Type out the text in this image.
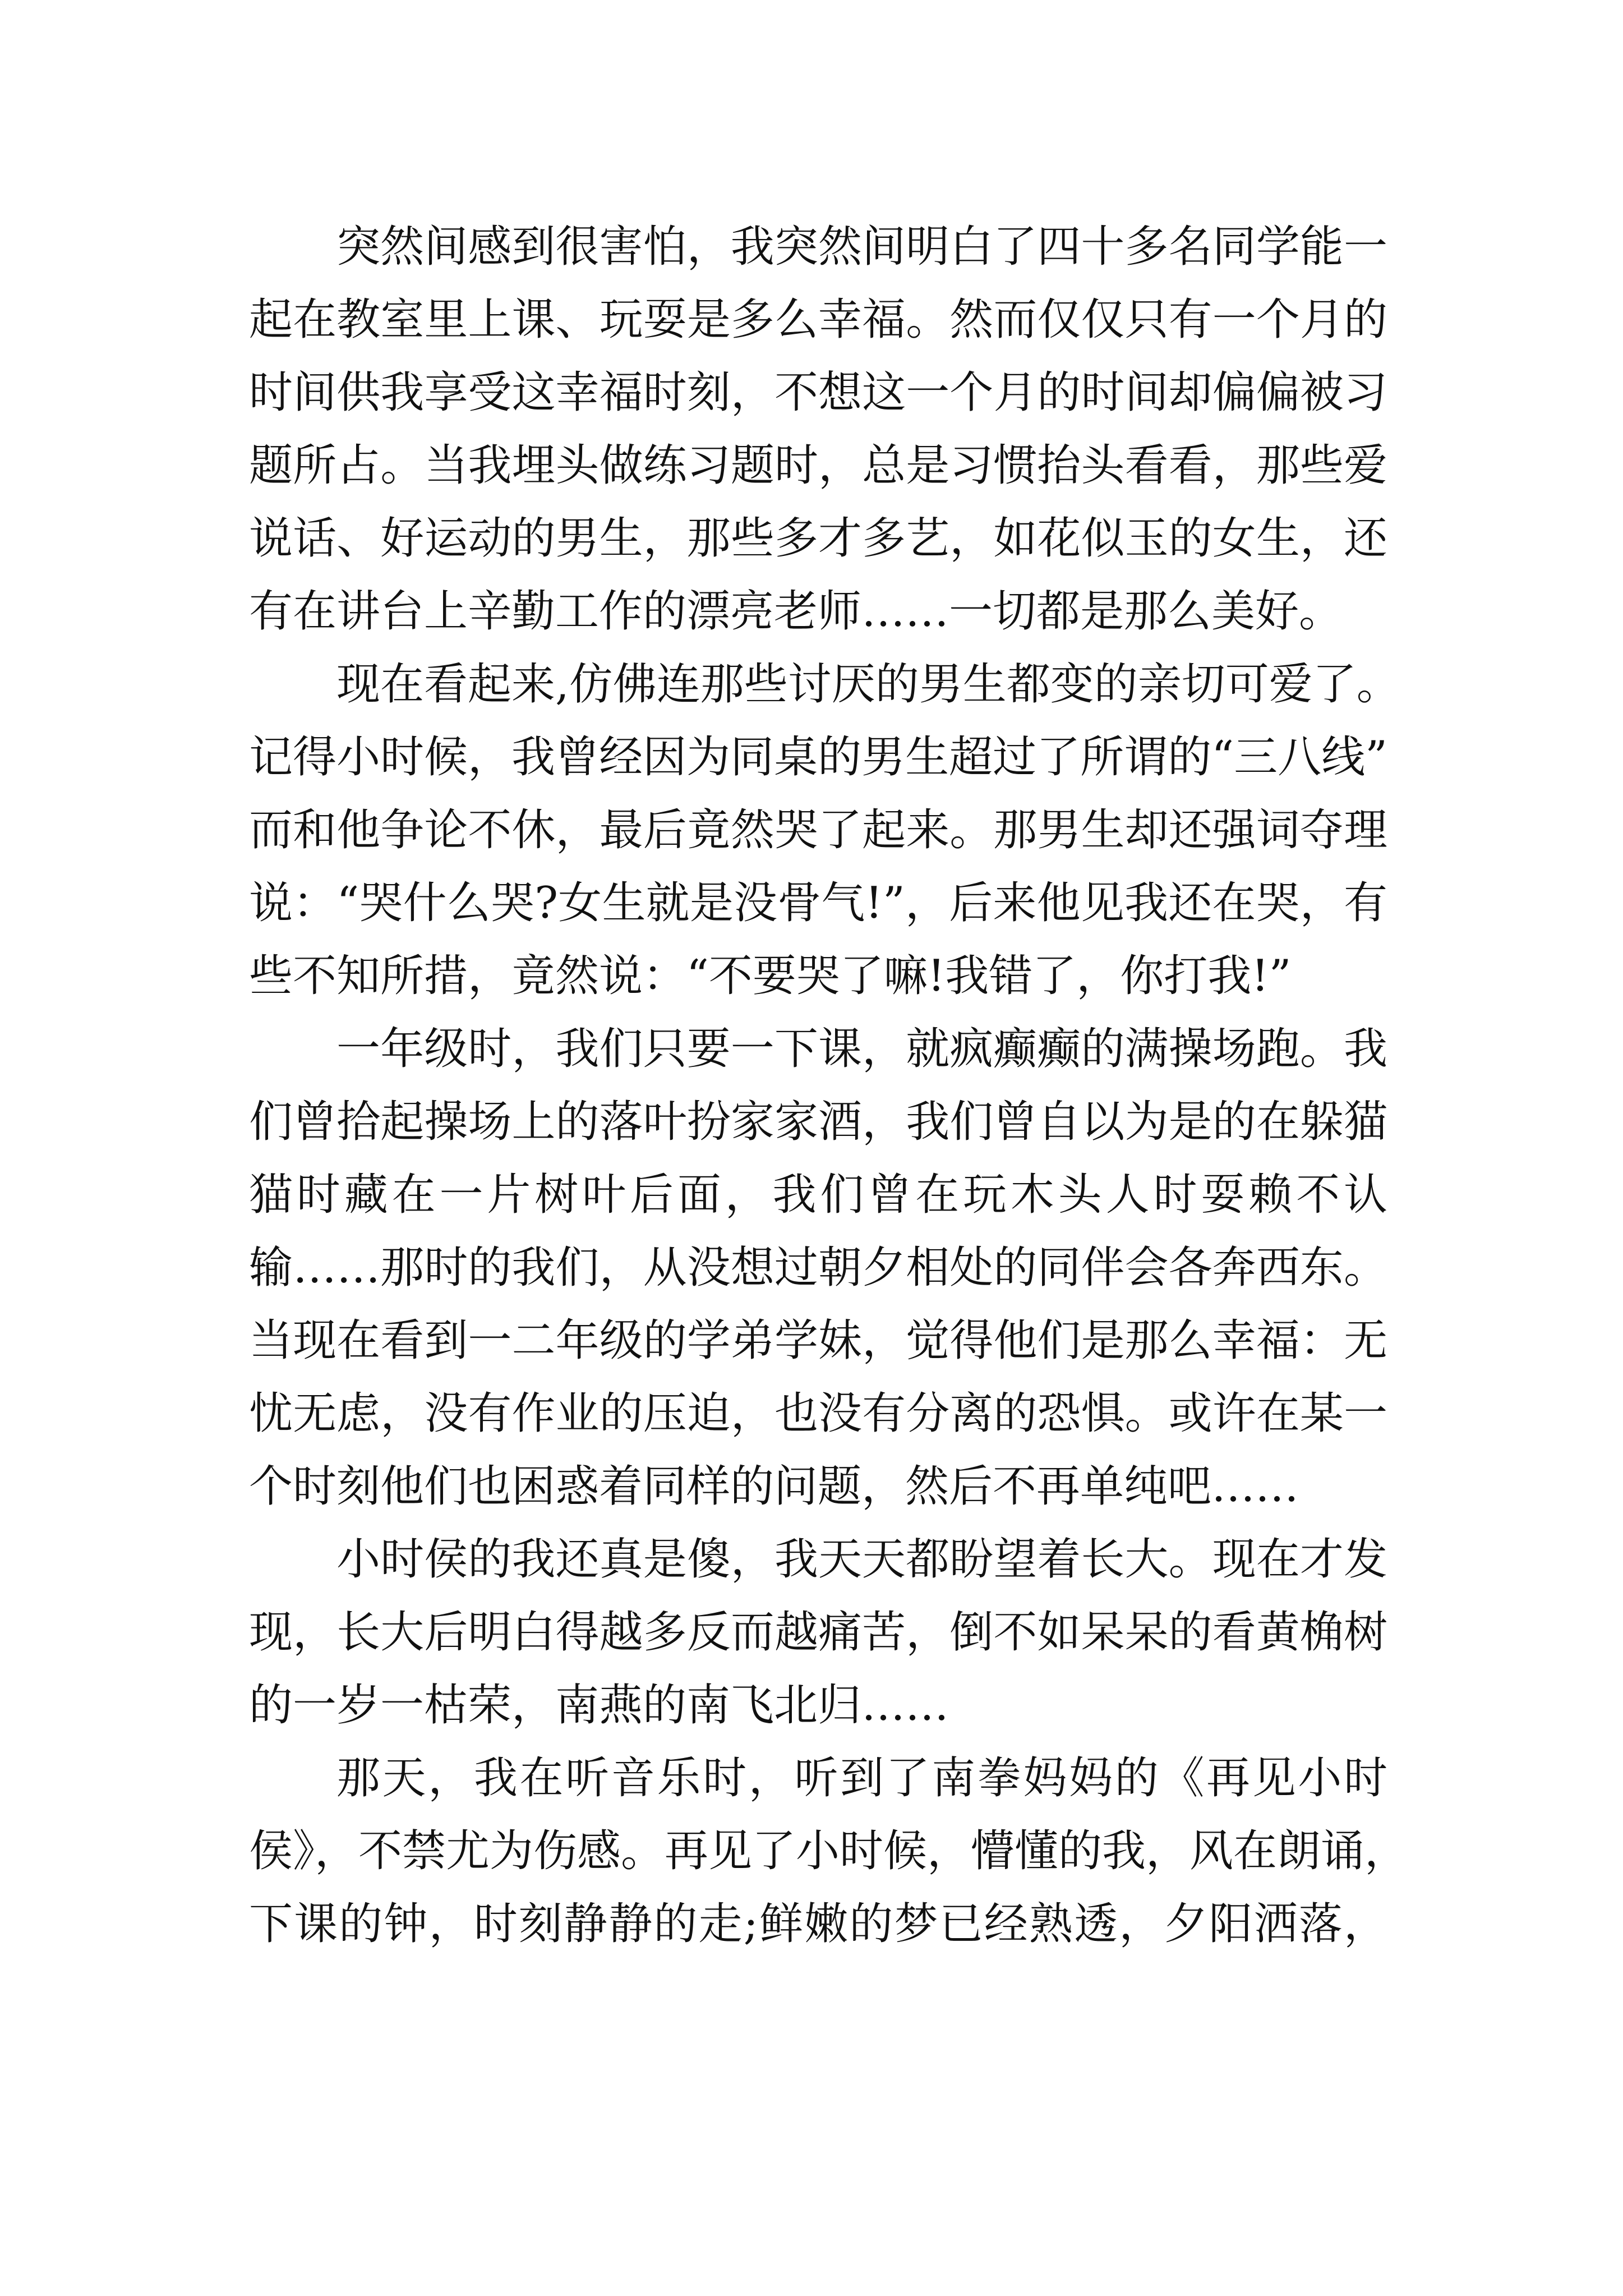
突然间感到很害怕，我突然间明白了四十多名同学能一
起在教室里上课、玩耍是多么幸福。然而仅仅只有一个月的
时间供我享受这幸福时刻，不想这一个月的时间却偏偏被习
题所占。当我埋头做练习题时，总是习惯抬头看看，那些爱
说话、好运动的男生，那些多才多艺，如花似玉的女生，还
有在讲台上辛勤工作的漂亮老师……一切都是那么美好。
现在看起来,仿佛连那些讨厌的男生都变的亲切可爱了。
记得小时候，我曾经因为同桌的男生超过了所谓的“三八线”
而和他争论不休，最后竟然哭了起来。那男生却还强词夺理
说：“哭什么哭?女生就是没骨气!”，后来他见我还在哭，有
些不知所措，竟然说：“不要哭了嘛!我错了，你打我!”
一年级时，我们只要一下课，就疯癫癫的满操场跑。我
们曾拾起操场上的落叶扮家家酒，我们曾自以为是的在躲猫
猫时藏在一片树叶后面，我们曾在玩木头人时耍赖不认
输……那时的我们，从没想过朝夕相处的同伴会各奔西东。
当现在看到一二年级的学弟学妹，觉得他们是那么幸福：无
忧无虑，没有作业的压迫，也没有分离的恐惧。或许在某一
个时刻他们也困惑着同样的问题，然后不再单纯吧……
小时侯的我还真是傻，我天天都盼望着长大。现在才发
现，长大后明白得越多反而越痛苦，倒不如呆呆的看黄桷树
的一岁一枯荣，南燕的南飞北归……
那天，我在听音乐时，听到了南拳妈妈的《再见小时
侯》，不禁尤为伤感。再见了小时候，懵懂的我，风在朗诵，
下课的钟，时刻静静的走;鲜嫩的梦已经熟透，夕阳洒落，
